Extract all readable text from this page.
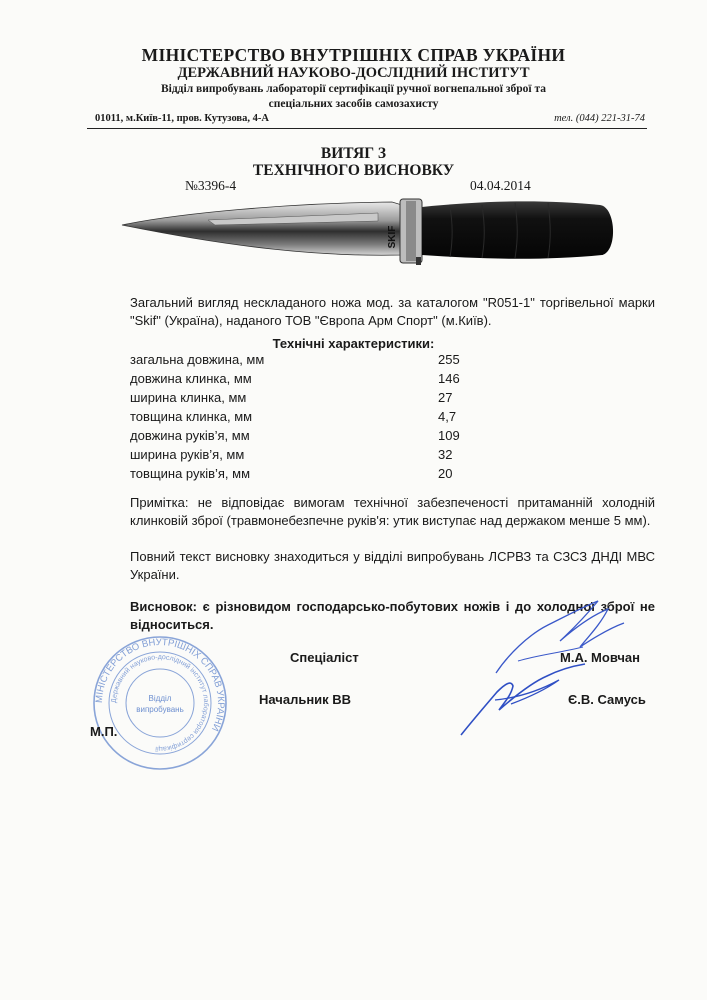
МІНІСТЕРСТВО ВНУТРІШНІХ СПРАВ УКРАЇНИ
ДЕРЖАВНИЙ НАУКОВО-ДОСЛІДНИЙ ІНСТИТУТ
Відділ випробувань лабораторії сертифікації ручної вогнепальної зброї та
спеціальних засобів самозахисту
01011, м.Київ-11, пров. Кутузова, 4-А	тел. (044) 221-31-74
ВИТЯГ З
ТЕХНІЧНОГО ВИСНОВКУ
№3396-4	04.04.2014
SKIF
Загальний вигляд нескладаного ножа мод. за каталогом "R051-1" торгівельної марки "Skif" (Україна), наданого ТОВ "Європа Арм Спорт" (м.Київ).
Технічні характеристики:
загальна довжина, мм	255
довжина клинка, мм	146
ширина клинка, мм	27
товщина клинка, мм	4,7
довжина руків’я, мм	109
ширина руків’я, мм	32
товщина руків’я, мм	20
Примітка: не відповідає вимогам технічної забезпеченості притаманній холодній клинковій зброї (травмонебезпечне руків'я: утик виступає над держаком менше 5 мм).
Повний текст висновку знаходиться у відділі випробувань ЛСРВЗ та СЗСЗ ДНДІ МВС України.
Висновок: є різновидом господарсько-побутових ножів і до холодної зброї не відноситься.
МІНІСТЕРСТВО ВНУТРІШНІХ СПРАВ УКРАЇНИ
Державний науково-дослідний інститут лабораторія сертифікації
Відділ
випробувань
Спеціаліст	М.А. Мовчан
Начальник ВВ	Є.В. Самусь
М.П.
